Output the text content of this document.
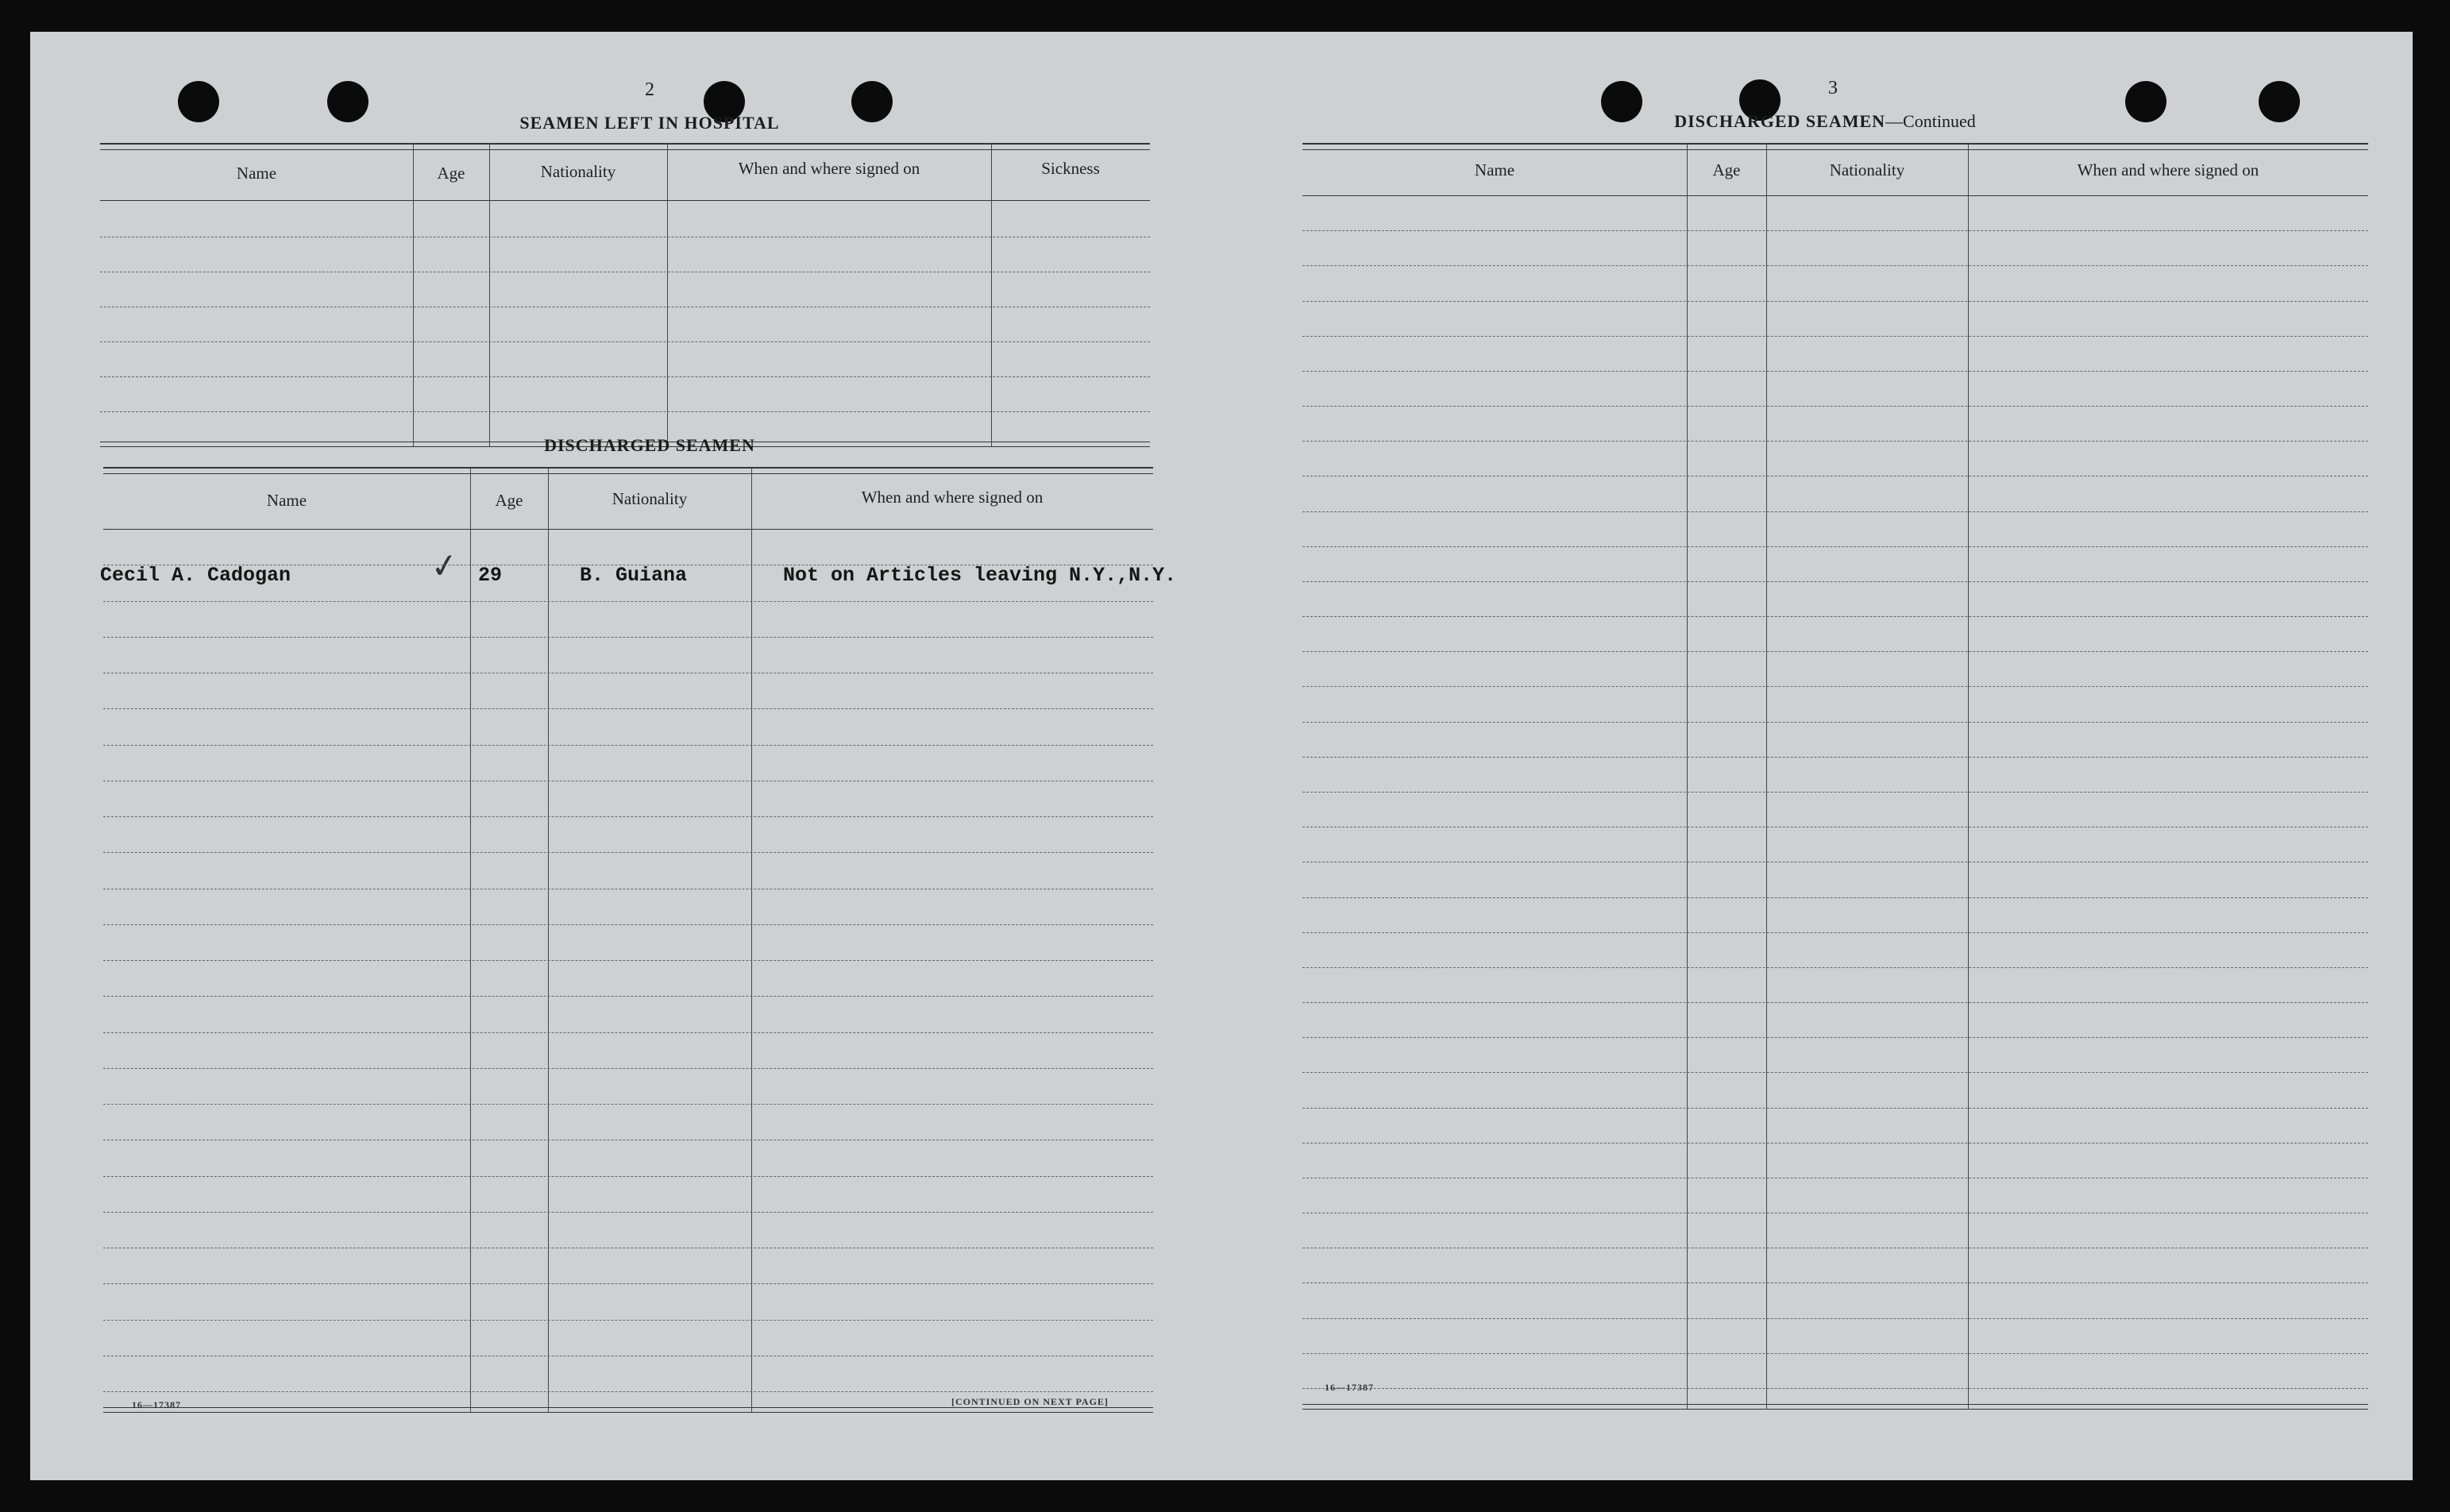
2
SEAMEN LEFT IN HOSPITAL
Name	Age	Nationality	When and where signed on	Sickness
DISCHARGED SEAMEN
Name	Age	Nationality	When and where signed on
Cecil A. Cadogan	✓ 29	B. Guiana	Not on Articles leaving N.Y.,N.Y.
16—17387	[CONTINUED ON NEXT PAGE]
3
DISCHARGED SEAMEN—Continued
Name	Age	Nationality	When and where signed on
16—17387
